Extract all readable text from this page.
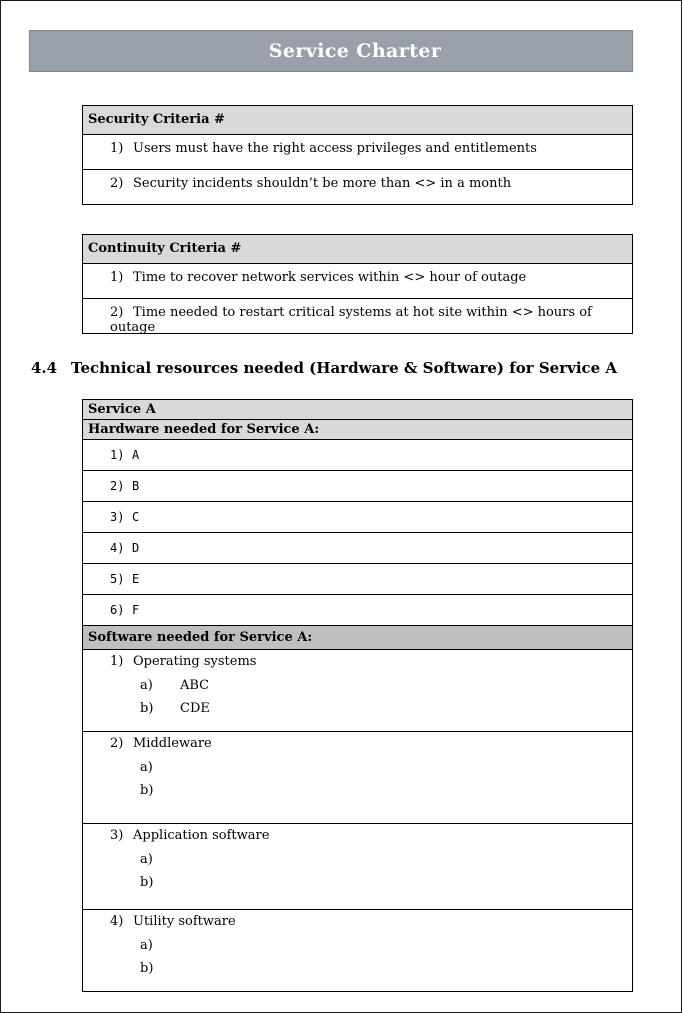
Service Charter
Security Criteria #
1) Users must have the right access privileges and entitlements
2) Security incidents shouldn’t be more than <> in a month
Continuity Criteria #
1) Time to recover network services within <> hour of outage
2) Time needed to restart critical systems at hot site within <> hours of outage
4.4 Technical resources needed (Hardware & Software) for Service A
Service A
Hardware needed for Service A:
1) A
2) B
3) C
4) D
5) E
6) F
Software needed for Service A:
1) Operating systems
a) ABC
b) CDE
2) Middleware
a)
b)
3) Application software
a)
b)
4) Utility software
a)
b)
